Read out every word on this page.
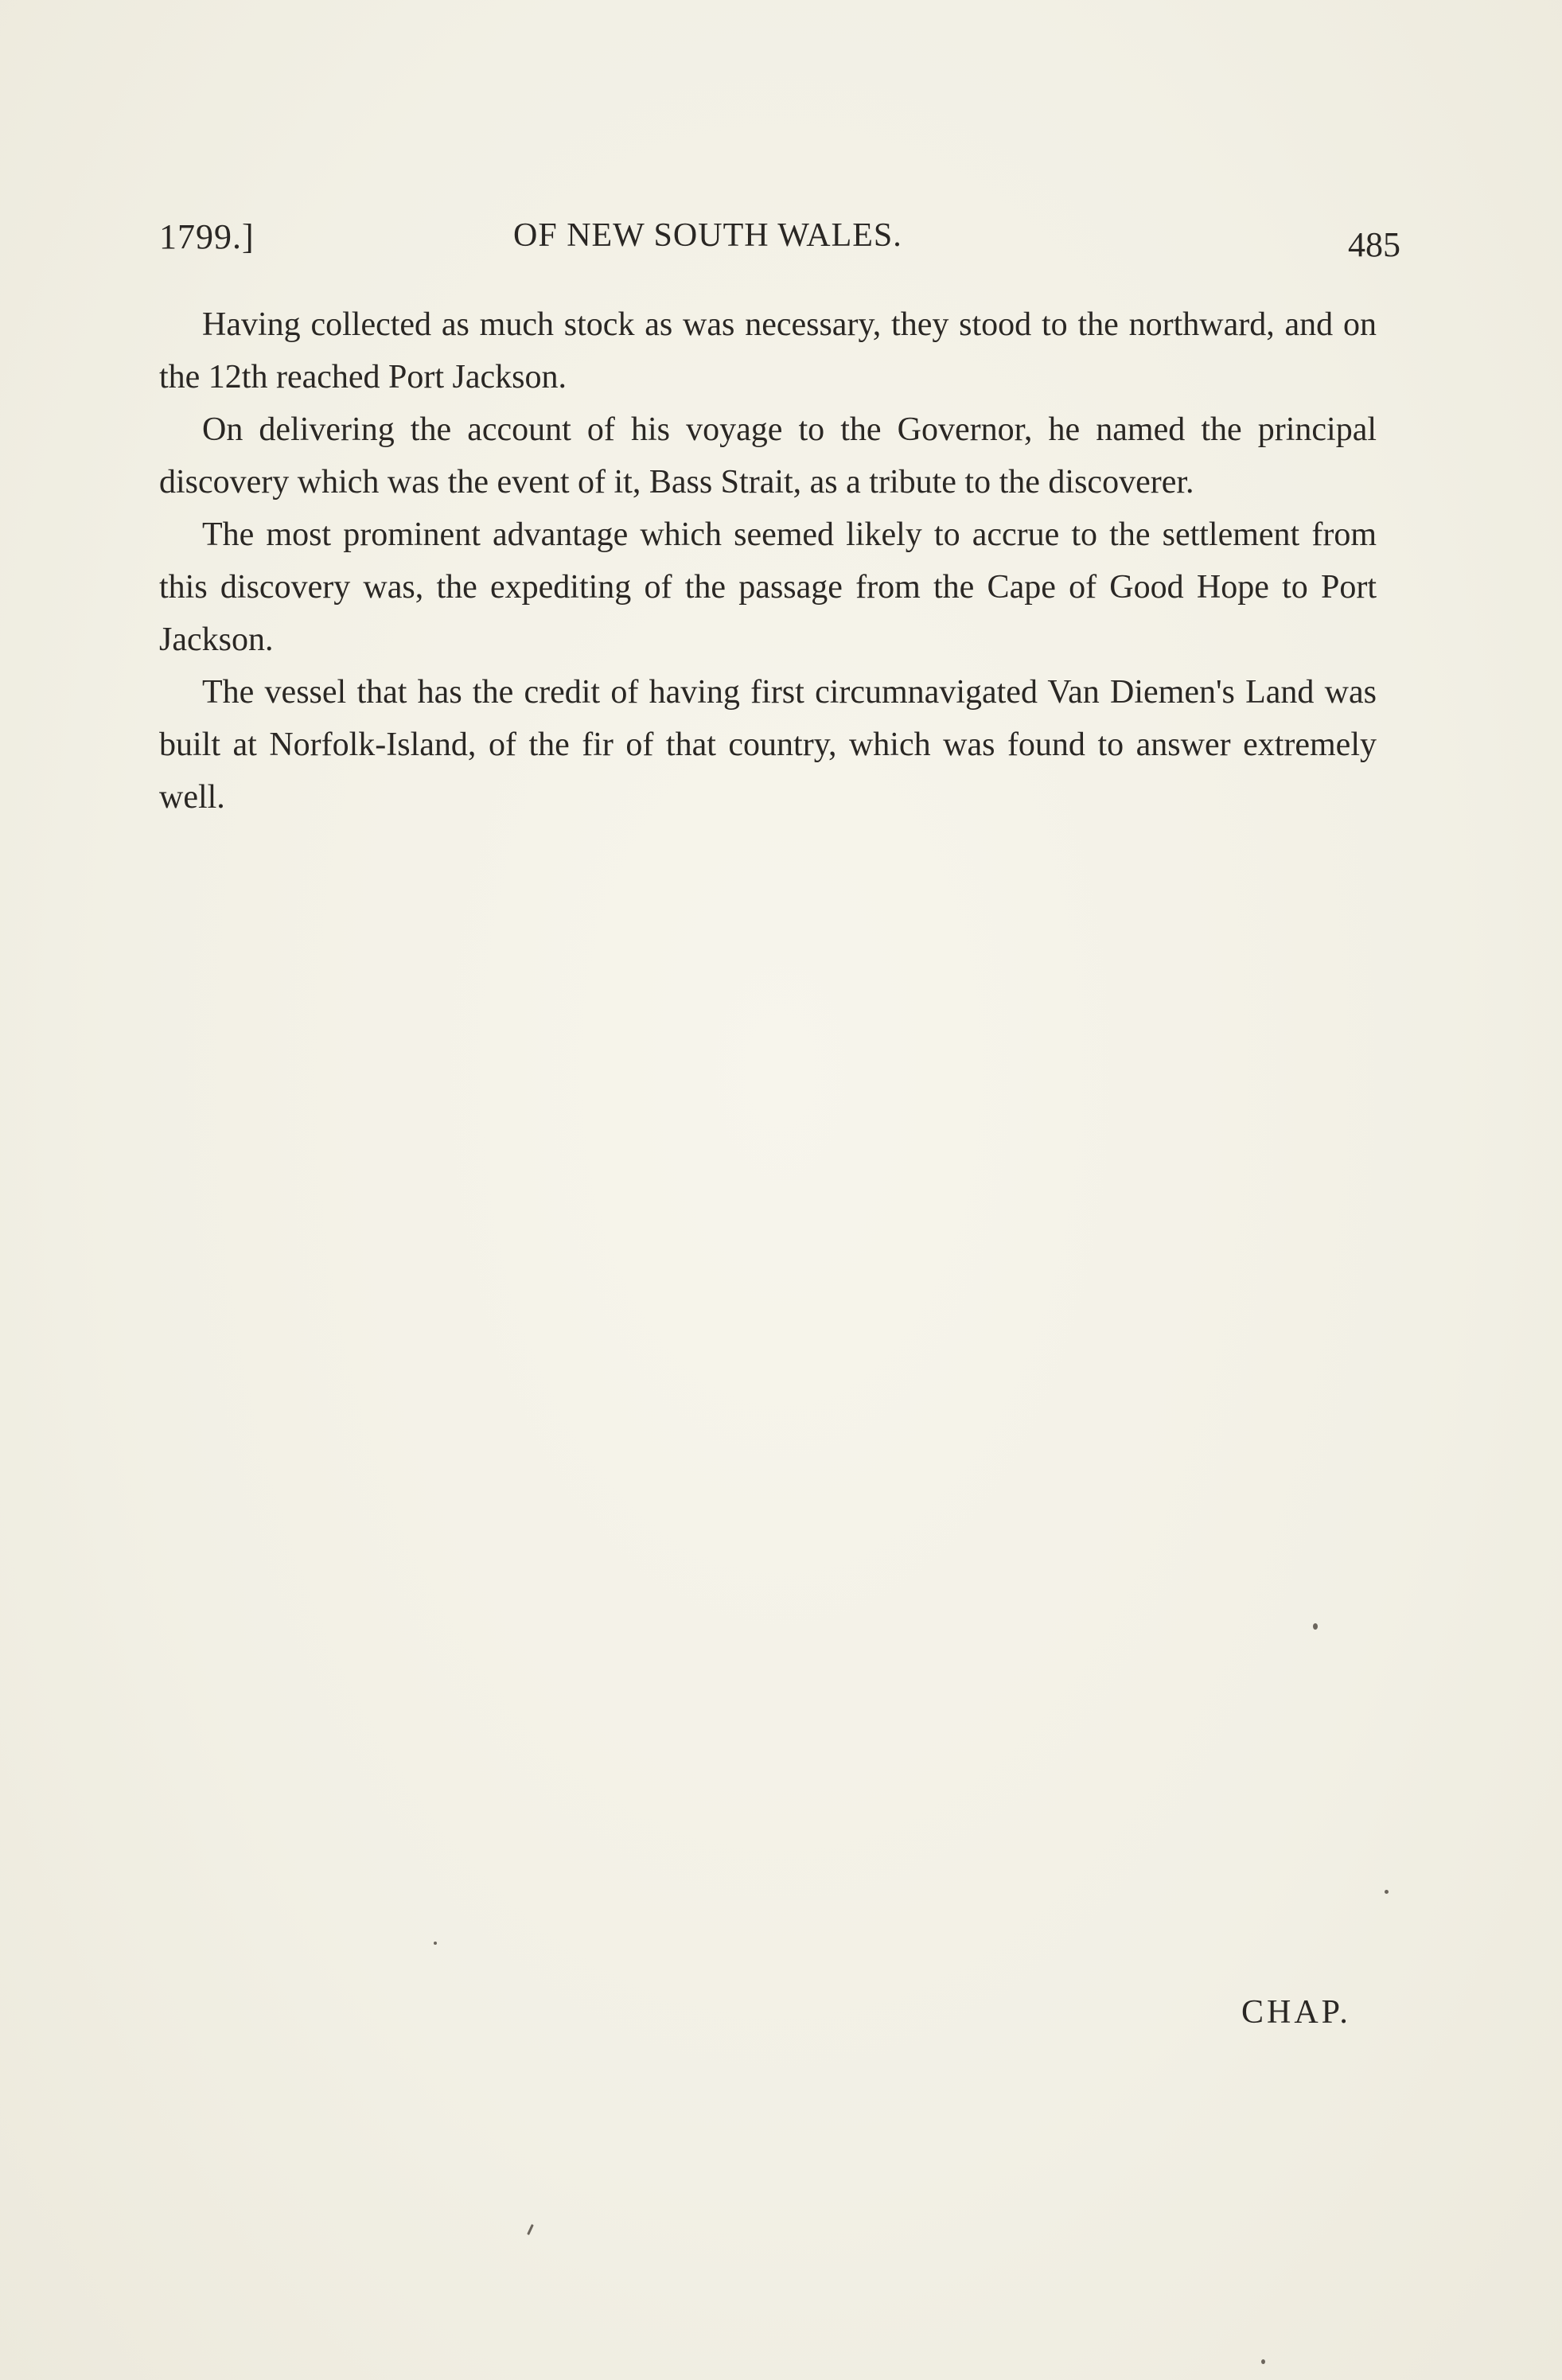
1799.]	OF NEW SOUTH WALES.	485

Having collected as much stock as was necessary, they stood to the northward, and on the 12th reached Port Jackson.

On delivering the account of his voyage to the Governor, he named the principal discovery which was the event of it, Bass Strait, as a tribute to the discoverer.

The most prominent advantage which seemed likely to accrue to the settlement from this discovery was, the expediting of the passage from the Cape of Good Hope to Port Jackson.

The vessel that has the credit of having first circumnavigated Van Diemen's Land was built at Norfolk-Island, of the fir of that country, which was found to answer extremely well.

CHAP.
